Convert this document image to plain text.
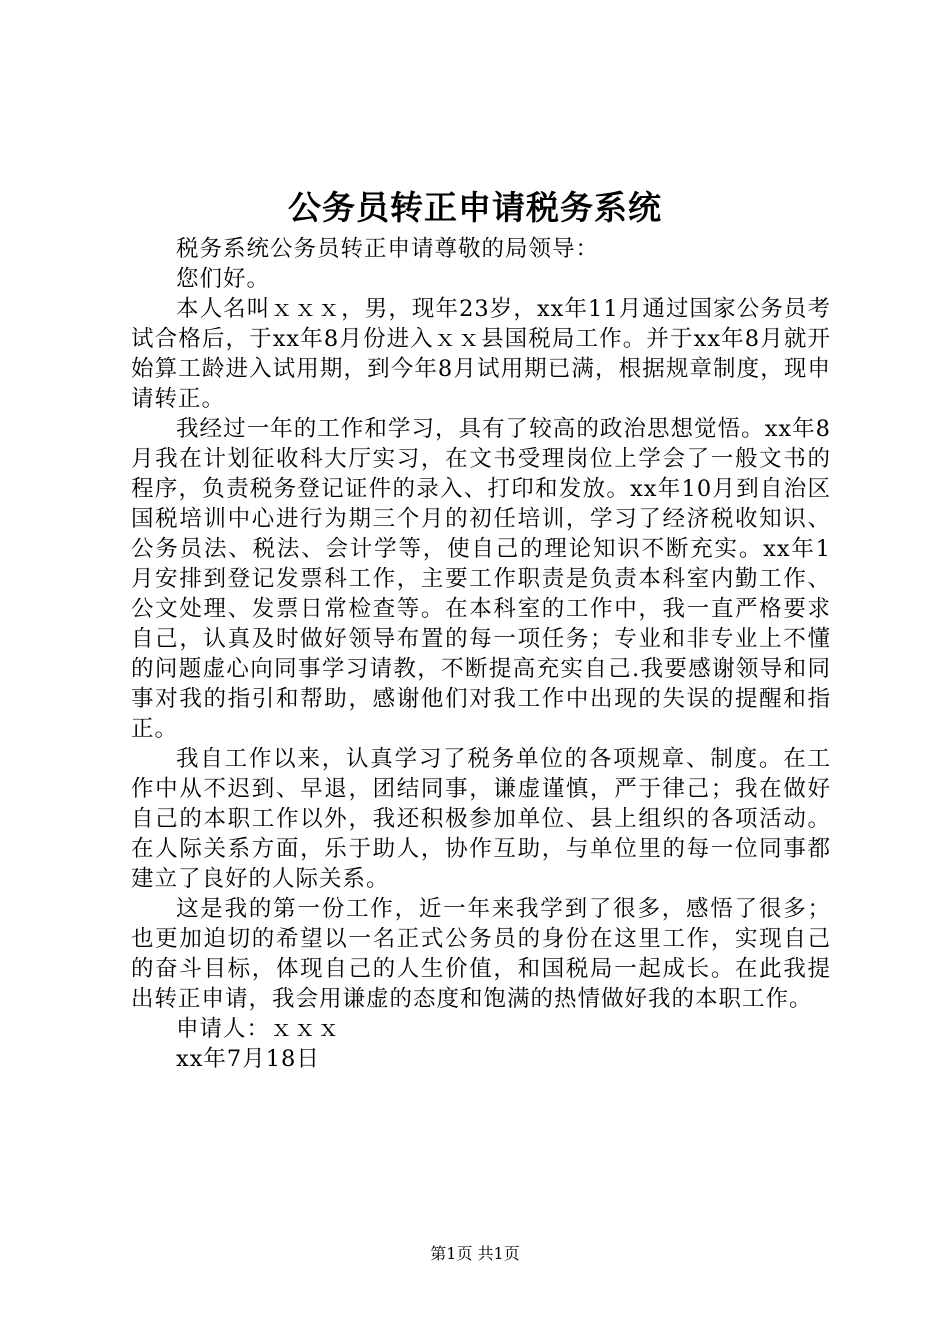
公务员转正申请税务系统

税务系统公务员转正申请尊敬的局领导：

您们好。

本人名叫ｘｘｘ，男，现年23岁，xx年11月通过国家公务员考试合格后，于xx年8月份进入ｘｘ县国税局工作。并于xx年8月就开始算工龄进入试用期，到今年8月试用期已满，根据规章制度，现申请转正。

我经过一年的工作和学习，具有了较高的政治思想觉悟。xx年8月我在计划征收科大厅实习，在文书受理岗位上学会了一般文书的程序，负责税务登记证件的录入、打印和发放。xx年10月到自治区国税培训中心进行为期三个月的初任培训，学习了经济税收知识、公务员法、税法、会计学等，使自己的理论知识不断充实。xx年1月安排到登记发票科工作，主要工作职责是负责本科室内勤工作、公文处理、发票日常检查等。在本科室的工作中，我一直严格要求自己，认真及时做好领导布置的每一项任务；专业和非专业上不懂的问题虚心向同事学习请教，不断提高充实自己.我要感谢领导和同事对我的指引和帮助，感谢他们对我工作中出现的失误的提醒和指正。

我自工作以来，认真学习了税务单位的各项规章、制度。在工作中从不迟到、早退，团结同事，谦虚谨慎，严于律己；我在做好自己的本职工作以外，我还积极参加单位、县上组织的各项活动。在人际关系方面，乐于助人，协作互助，与单位里的每一位同事都建立了良好的人际关系。

这是我的第一份工作，近一年来我学到了很多，感悟了很多；也更加迫切的希望以一名正式公务员的身份在这里工作，实现自己的奋斗目标，体现自己的人生价值，和国税局一起成长。在此我提出转正申请，我会用谦虚的态度和饱满的热情做好我的本职工作。

申请人：ｘｘｘ

xx年7月18日

第1页 共1页
